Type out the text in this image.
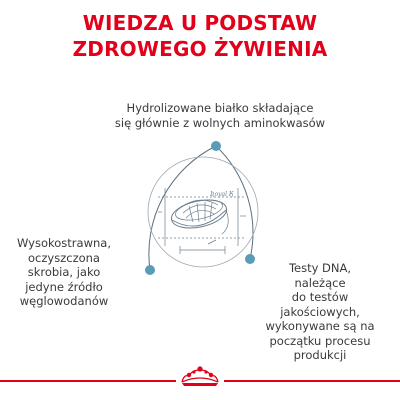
WIEDZA U PODSTAW
ZDROWEGO ŻYWIENIA
Ʀoyal Ӄ
Hydrolizowane białko składające
się głównie z wolnych aminokwasów
Wysokostrawna,
oczyszczona
skrobia, jako
jedyne źródło
węglowodanów
Testy DNA,
należące
do testów
jakościowych,
wykonywane są na
początku procesu
produkcji
